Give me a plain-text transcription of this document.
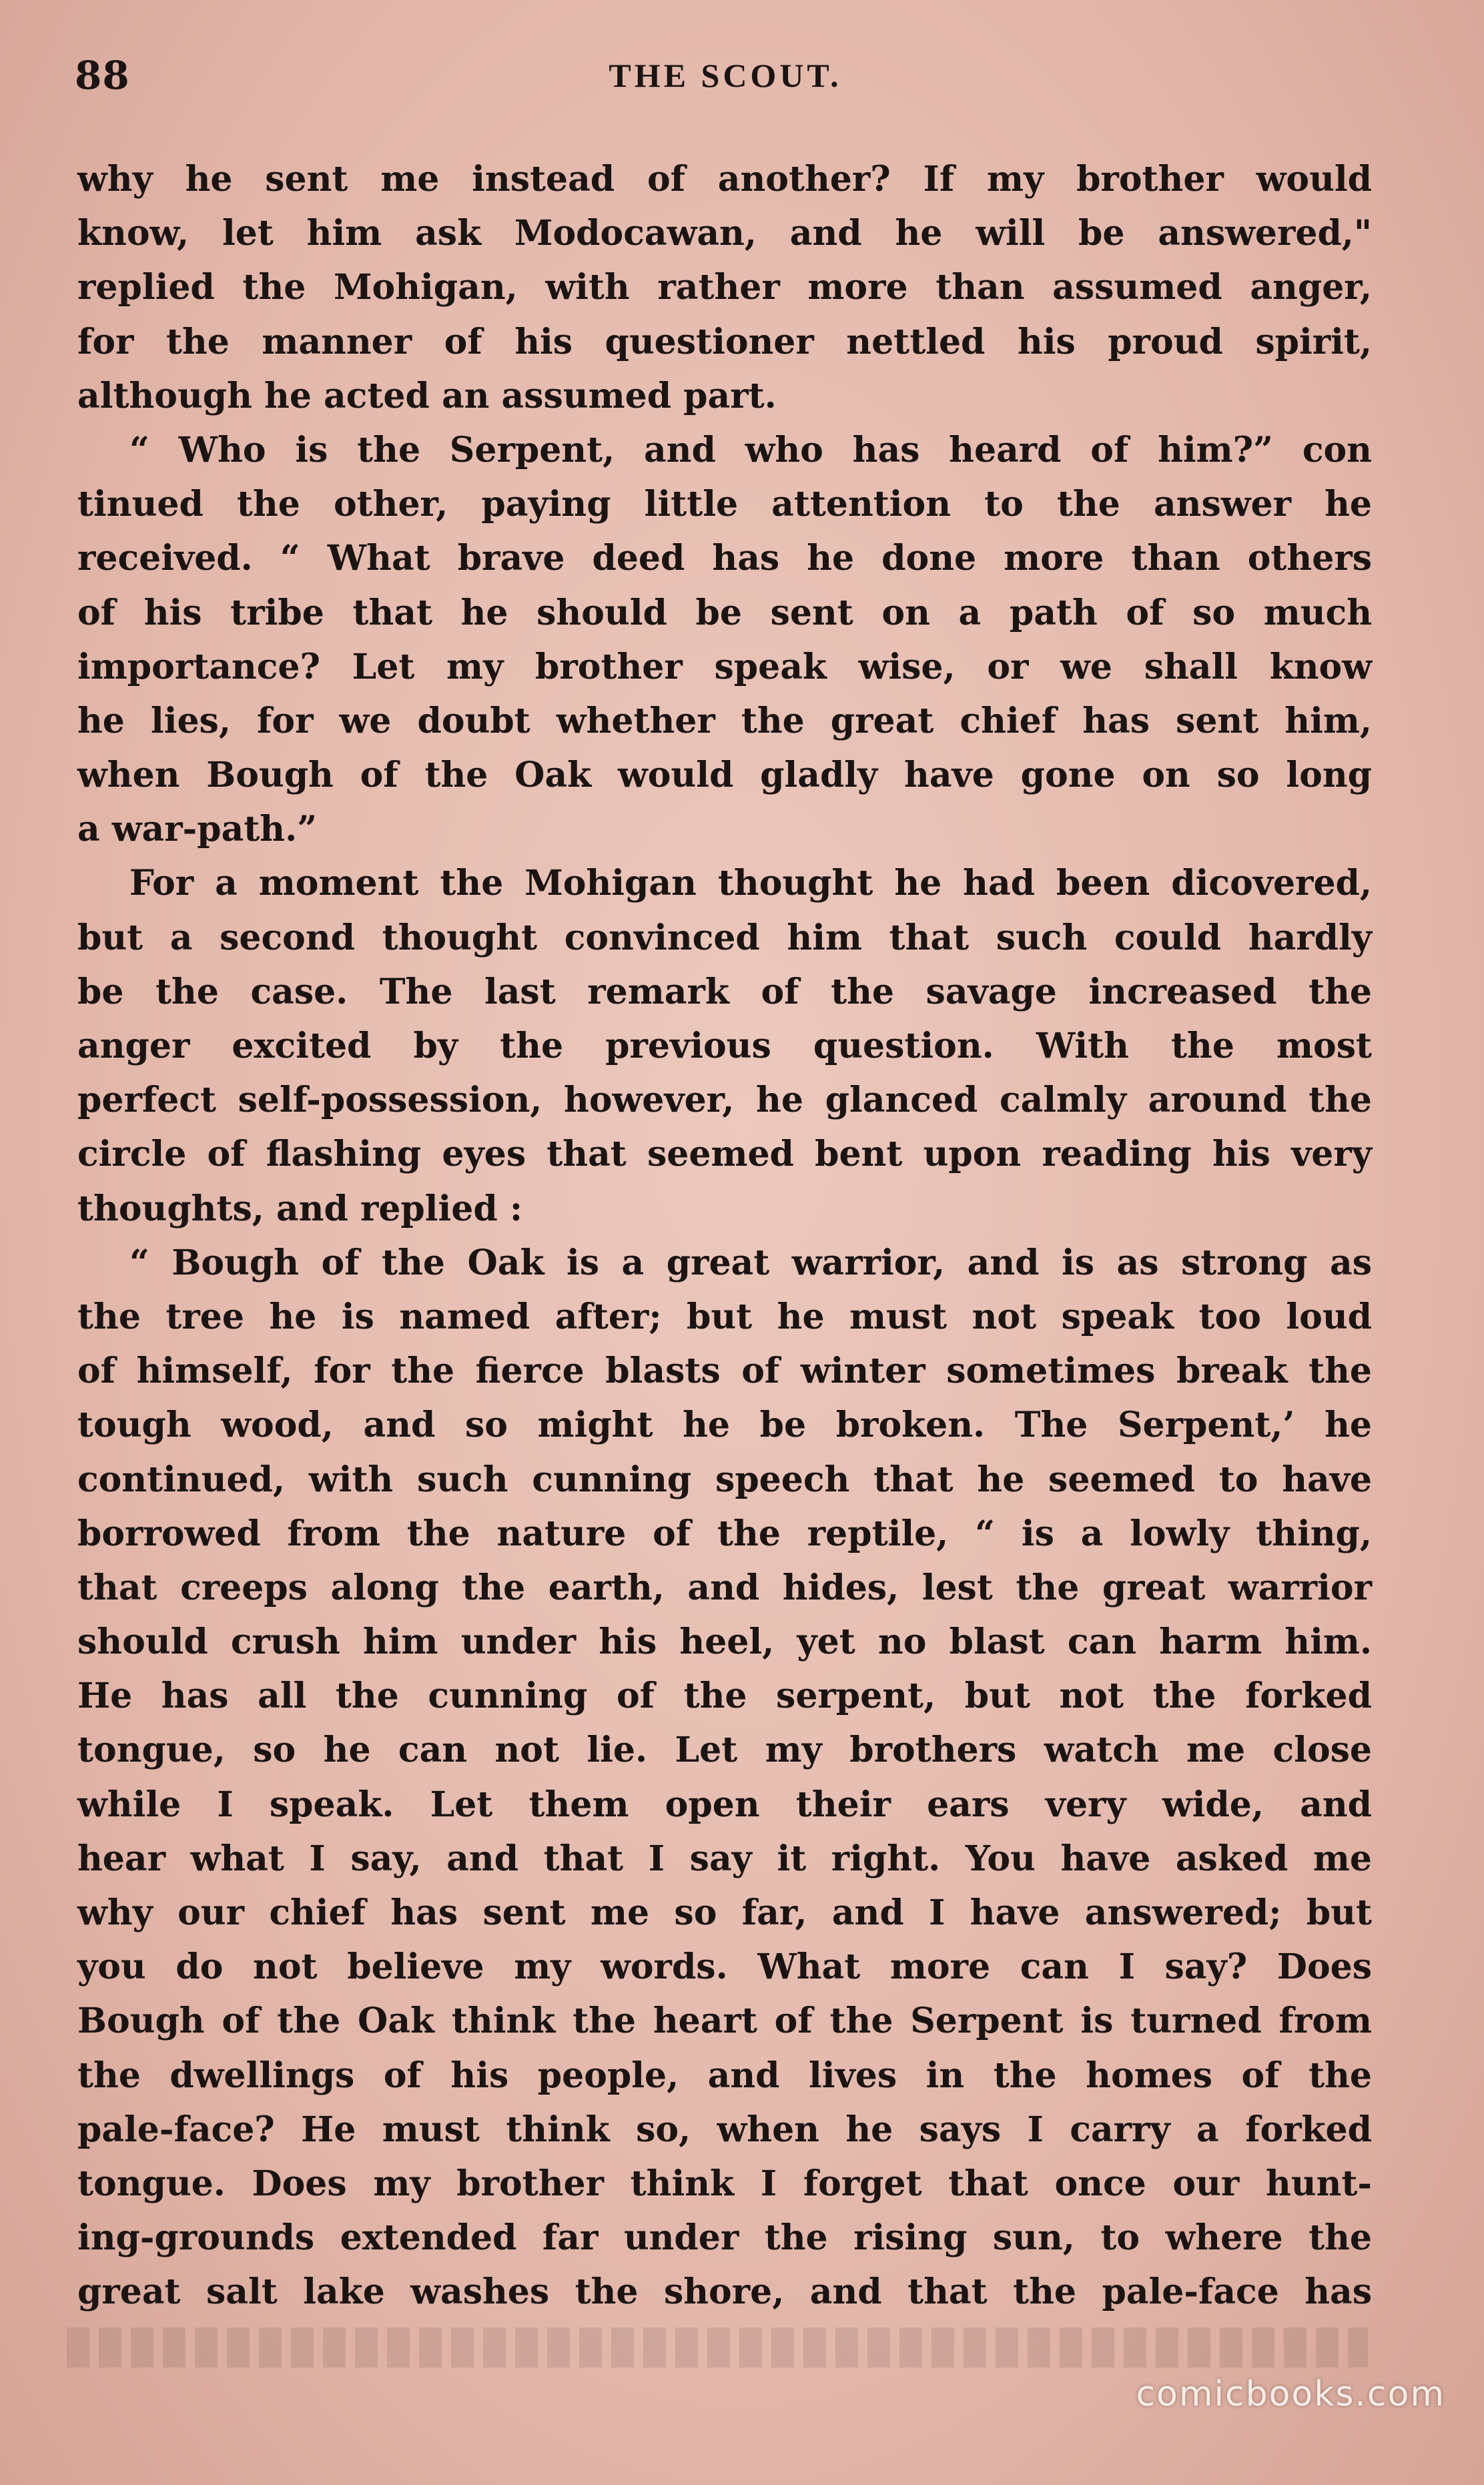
88	THE SCOUT.

why he sent me instead of another? If my brother would
know, let him ask Modocawan, and he will be answered,"
replied the Mohigan, with rather more than assumed anger,
for the manner of his questioner nettled his proud spirit,
although he acted an assumed part.

“ Who is the Serpent, and who has heard of him?” con
tinued the other, paying little attention to the answer he
received. “ What brave deed has he done more than others
of his tribe that he should be sent on a path of so much
importance? Let my brother speak wise, or we shall know
he lies, for we doubt whether the great chief has sent him,
when Bough of the Oak would gladly have gone on so long
a war-path.”

For a moment the Mohigan thought he had been dicovered,
but a second thought convinced him that such could hardly
be the case. The last remark of the savage increased the
anger excited by the previous question. With the most
perfect self-possession, however, he glanced calmly around the
circle of flashing eyes that seemed bent upon reading his very
thoughts, and replied :

“ Bough of the Oak is a great warrior, and is as strong as
the tree he is named after; but he must not speak too loud
of himself, for the fierce blasts of winter sometimes break the
tough wood, and so might he be broken. The Serpent,’ he
continued, with such cunning speech that he seemed to have
borrowed from the nature of the reptile, “ is a lowly thing,
that creeps along the earth, and hides, lest the great warrior
should crush him under his heel, yet no blast can harm him.
He has all the cunning of the serpent, but not the forked
tongue, so he can not lie. Let my brothers watch me close
while I speak. Let them open their ears very wide, and
hear what I say, and that I say it right. You have asked me
why our chief has sent me so far, and I have answered; but
you do not believe my words. What more can I say? Does
Bough of the Oak think the heart of the Serpent is turned from
the dwellings of his people, and lives in the homes of the
pale-face? He must think so, when he says I carry a forked
tongue. Does my brother think I forget that once our hunt-
ing-grounds extended far under the rising sun, to where the
great salt lake washes the shore, and that the pale-face has

comicbooks.com
